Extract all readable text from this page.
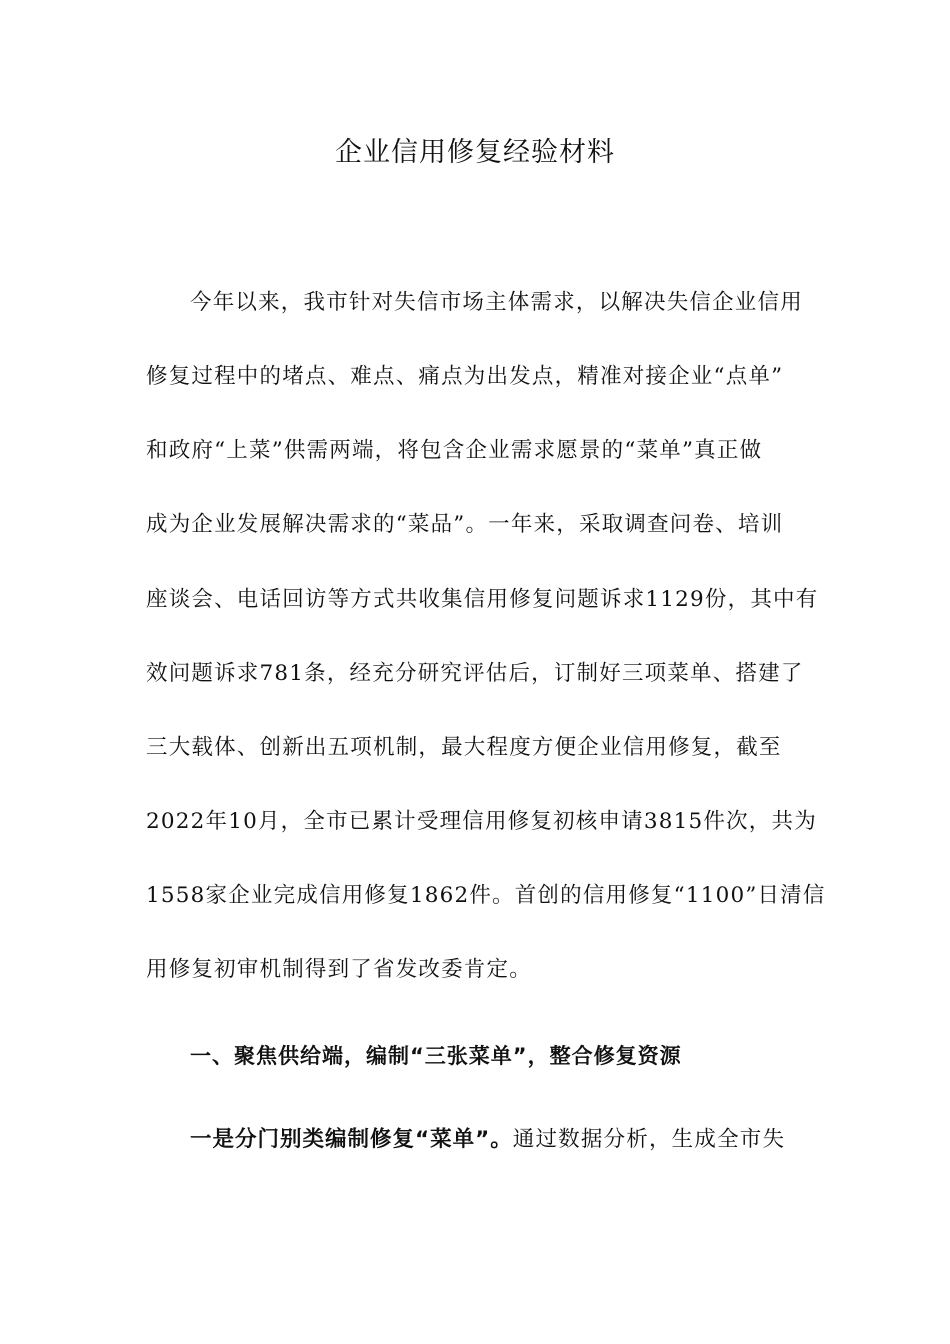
企业信用修复经验材料
今年以来，我市针对失信市场主体需求，以解决失信企业信用
修复过程中的堵点、难点、痛点为出发点，精准对接企业“点单”
和政府“上菜”供需两端，将包含企业需求愿景的“菜单”真正做
成为企业发展解决需求的“菜品”。一年来，采取调查问卷、培训
座谈会、电话回访等方式共收集信用修复问题诉求1129份，其中有
效问题诉求781条，经充分研究评估后，订制好三项菜单、搭建了
三大载体、创新出五项机制，最大程度方便企业信用修复，截至
2022年10月，全市已累计受理信用修复初核申请3815件次，共为
1558家企业完成信用修复1862件。首创的信用修复“1100”日清信
用修复初审机制得到了省发改委肯定。
一、聚焦供给端，编制“三张菜单”，整合修复资源
一是分门别类编制修复“菜单”。通过数据分析，生成全市失
